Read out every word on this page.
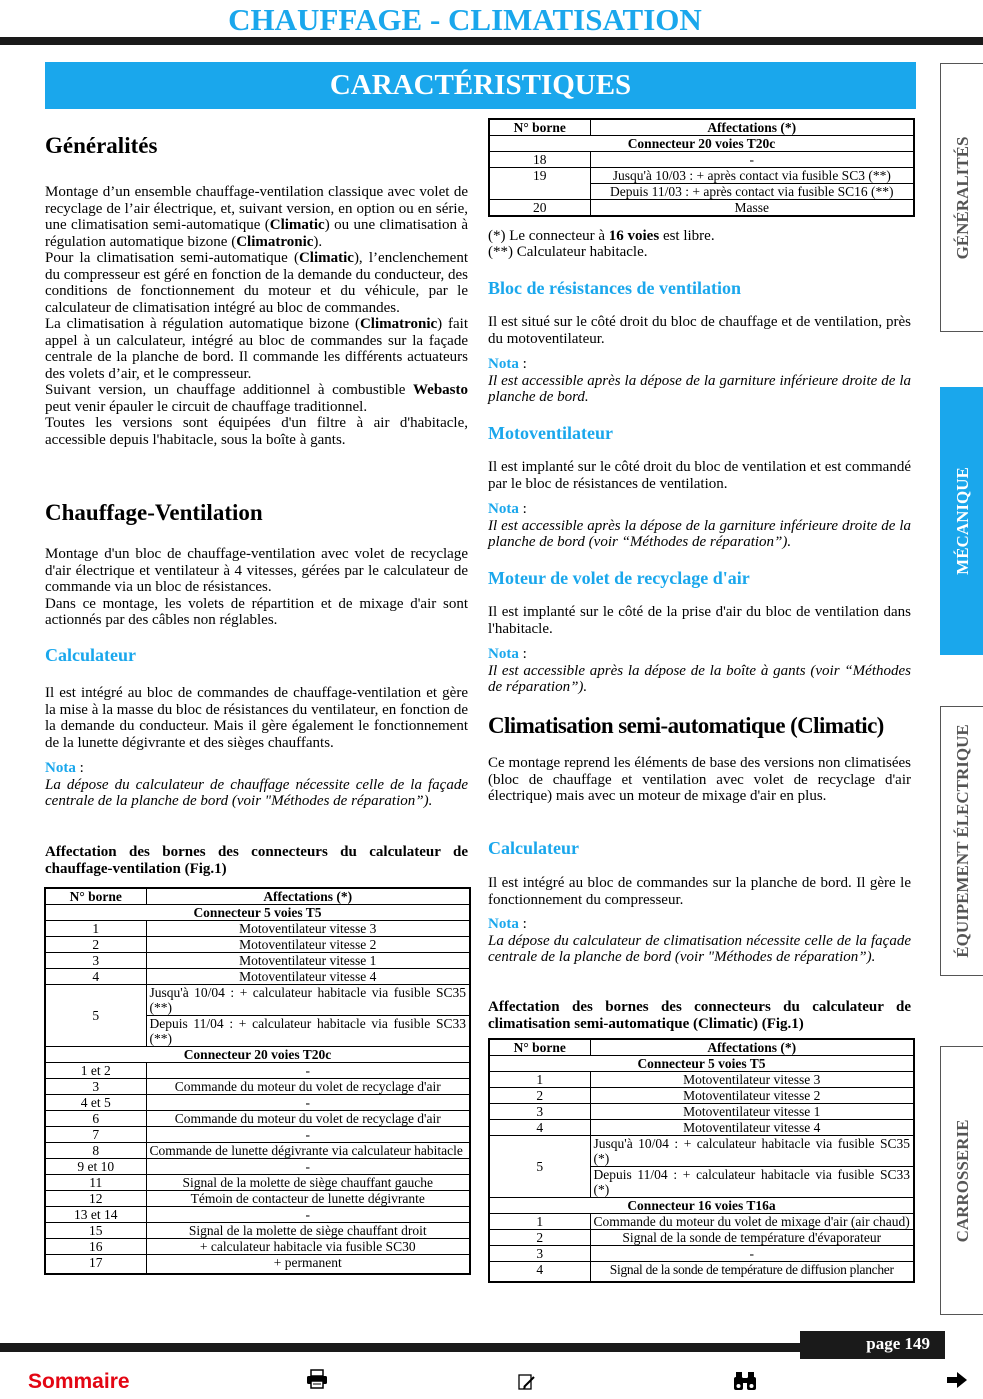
CHAUFFAGE - CLIMATISATION
CARACTÉRISTIQUES
Généralités

Montage d’un ensemble chauffage-ventilation classique avec volet de recyclage de l’air électrique, et, suivant version, en option ou en série, une climatisation semi-automatique (Climatic) ou une climatisation à régulation automatique bizone (Climatronic).

Pour la climatisation semi-automatique (Climatic), l’enclenchement du compresseur est géré en fonction de la demande du conducteur, des conditions de fonctionnement du moteur et du véhicule, par le calculateur de climatisation intégré au bloc de commandes.

La climatisation à régulation automatique bizone (Climatronic) fait appel à un calculateur, intégré au bloc de commandes sur la façade centrale de la planche de bord. Il commande les différents actuateurs des volets d’air, et le compresseur.

Suivant version, un chauffage additionnel à combustible Webasto peut venir épauler le circuit de chauffage traditionnel.

Toutes les versions sont équipées d'un filtre à air d'habitacle, accessible depuis l'habitacle, sous la boîte à gants.

Chauffage-Ventilation

Montage d'un bloc de chauffage-ventilation avec volet de recyclage d'air électrique et ventilateur à 4 vitesses, gérées par le calculateur de commande via un bloc de résistances.

Dans ce montage, les volets de répartition et de mixage d'air sont actionnés par des câbles non réglables.

Calculateur

Il est intégré au bloc de commandes de chauffage-ventilation et gère la mise à la masse du bloc de résistances du ventilateur, en fonction de la demande du conducteur. Mais il gère également le fonctionnement de la lunette dégivrante et des sièges chauffants.

Nota :
La dépose du calculateur de chauffage nécessite celle de la façade centrale de la planche de bord (voir "Méthodes de réparation”).

Affectation des bornes des connecteurs du calculateur de chauffage-ventilation (Fig.1)

N° borne	Affectations (*)
Connecteur 5 voies T5	
1	Motoventilateur vitesse 3
2	Motoventilateur vitesse 2
3	Motoventilateur vitesse 1
4	Motoventilateur vitesse 4
5	Jusqu'à 10/04 : + calculateur habitacle via fusible SC35 (**)
	Depuis 11/04 : + calculateur habitacle via fusible SC33 (**)
Connecteur 20 voies T20c	
1 et 2	-
3	Commande du moteur du volet de recyclage d'air
4 et 5	-
6	Commande du moteur du volet de recyclage d'air
7	-
8	Commande de lunette dégivrante via calculateur habitacle
9 et 10	-
11	Signal de la molette de siège chauffant gauche
12	Témoin de contacteur de lunette dégivrante
13 et 14	-
15	Signal de la molette de siège chauffant droit
16	+ calculateur habitacle via fusible SC30
17	+ permanent
N° borne	Affectations (*)
Connecteur 20 voies T20c	
18	-
19	Jusqu'à 10/03 : + après contact via fusible SC3 (**)
	Depuis 11/03 : + après contact via fusible SC16 (**)
20	Masse

(*) Le connecteur à 16 voies est libre.

(**) Calculateur habitacle.

Bloc de résistances de ventilation

Il est situé sur le côté droit du bloc de chauffage et de ventilation, près du motoventilateur.

Nota :
Il est accessible après la dépose de la garniture inférieure droite de la planche de bord.

Motoventilateur

Il est implanté sur le côté droit du bloc de ventilation et est commandé par le bloc de résistances de ventilation.

Nota :
Il est accessible après la dépose de la garniture inférieure droite de la planche de bord (voir “Méthodes de réparation”).

Moteur de volet de recyclage d'air

Il est implanté sur le côté de la prise d'air du bloc de ventilation dans l'habitacle.

Nota :
Il est accessible après la dépose de la boîte à gants (voir “Méthodes de réparation”).

Climatisation semi-automatique (Climatic)

Ce montage reprend les éléments de base des versions non climatisées (bloc de chauffage et ventilation avec volet de recyclage d'air électrique) mais avec un moteur de mixage d'air en plus.

Calculateur

Il est intégré au bloc de commandes sur la planche de bord. Il gère le fonctionnement du compresseur.

Nota :
La dépose du calculateur de climatisation nécessite celle de la façade centrale de la planche de bord (voir "Méthodes de réparation”).

Affectation des bornes des connecteurs du calculateur de climatisation semi-automatique (Climatic) (Fig.1)

N° borne	Affectations (*)
Connecteur 5 voies T5	
1	Motoventilateur vitesse 3
2	Motoventilateur vitesse 2
3	Motoventilateur vitesse 1
4	Motoventilateur vitesse 4
5	Jusqu'à 10/04 : + calculateur habitacle via fusible SC35 (*)
	Depuis 11/04 : + calculateur habitacle via fusible SC33 (*)
Connecteur 16 voies T16a	
1	Commande du moteur du volet de mixage d'air (air chaud)
2	Signal de la sonde de température d'évaporateur
3	-
4	Signal de la sonde de température de diffusion plancher
GÉNÉRALITÉS
MÉCANIQUE
ÉQUIPEMENT ÉLECTRIQUE
CARROSSERIE
page 149
Sommaire
